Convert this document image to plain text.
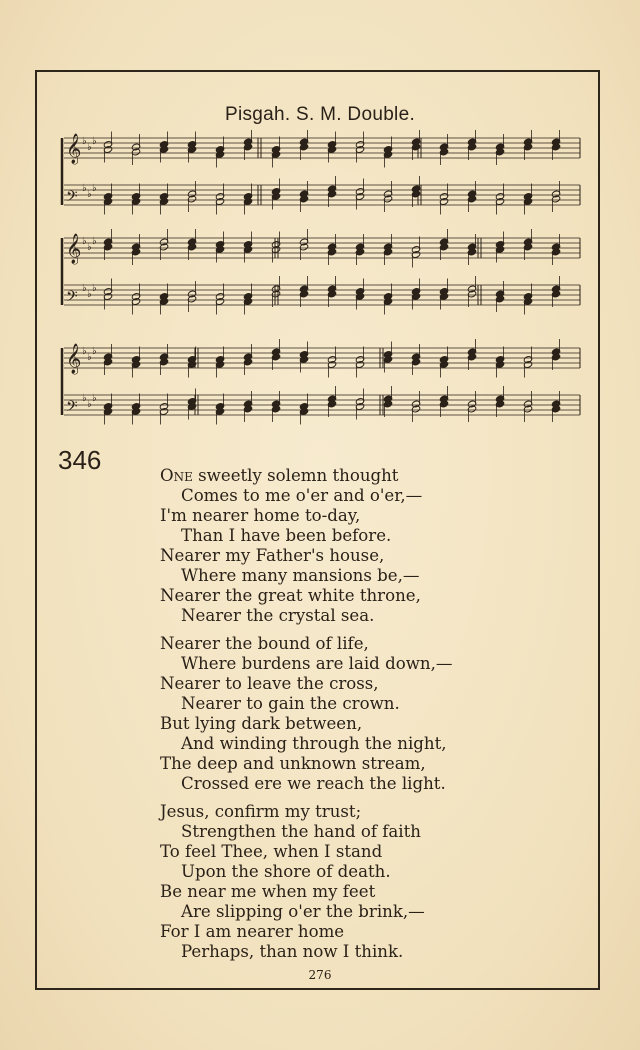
Pisgah. S. M. Double.
𝄞 ♭
♭
♭
𝄢 ♭
♭
♭
𝄞 ♭
♭
♭
𝄢 ♭
♭
♭
𝄞 ♭
♭
♭
𝄢 ♭
♭
♭
346
One sweetly solemn thought
Comes to me o'er and o'er,—
I'm nearer home to-day,
Than I have been before.
Nearer my Father's house,
Where many mansions be,—
Nearer the great white throne,
Nearer the crystal sea.
Nearer the bound of life,
Where burdens are laid down,—
Nearer to leave the cross,
Nearer to gain the crown.
But lying dark between,
And winding through the night,
The deep and unknown stream,
Crossed ere we reach the light.
Jesus, confirm my trust;
Strengthen the hand of faith
To feel Thee, when I stand
Upon the shore of death.
Be near me when my feet
Are slipping o'er the brink,—
For I am nearer home
Perhaps, than now I think.
276
